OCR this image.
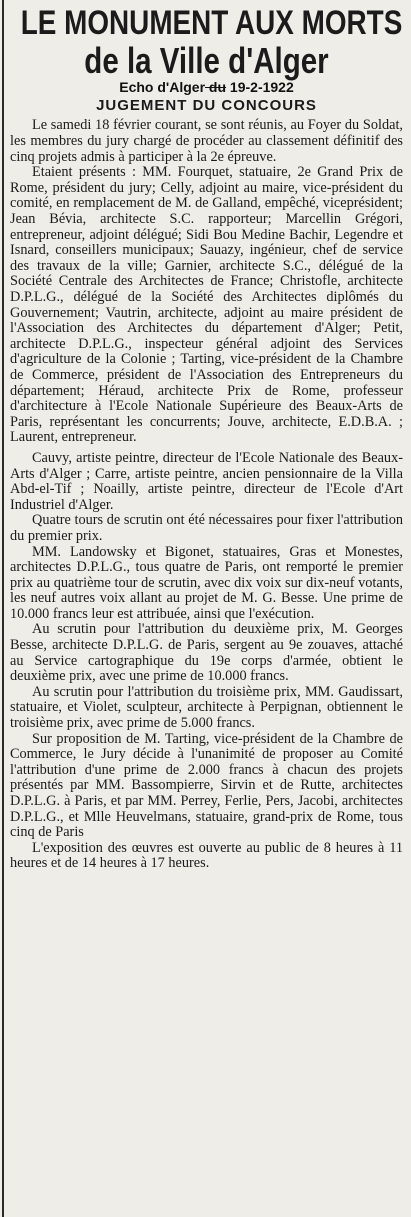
LE MONUMENT AUX MORTS
de la Ville d'Alger
Echo d'Alger du 19-2-1922
JUGEMENT DU CONCOURS

Le samedi 18 février courant, se sont réunis, au Foyer du Soldat, les membres du jury chargé de procéder au classement définitif des cinq projets admis à participer à la 2e épreuve.

Etaient présents : MM. Fourquet, statuaire, 2e Grand Prix de Rome, président du jury; Celly, adjoint au maire, vice-président du comité, en remplacement de M. de Galland, empêché, viceprésident; Jean Bévia, architecte S.C. rapporteur; Marcellin Grégori, entrepreneur, adjoint délégué; Sidi Bou Medine Bachir, Legendre et Isnard, conseillers municipaux; Sauazy, ingénieur, chef de service des travaux de la ville; Garnier, architecte S.C., délégué de la Société Centrale des Architectes de France; Christofle, architecte D.P.L.G., délégué de la Société des Architectes diplômés du Gouvernement; Vautrin, architecte, adjoint au maire président de l'Association des Architectes du département d'Alger; Petit, architecte D.P.L.G., inspecteur général adjoint des Services d'agriculture de la Colonie ; Tarting, vice-président de la Chambre de Commerce, président de l'Association des Entrepreneurs du département; Héraud, architecte Prix de Rome, professeur d'architecture à l'Ecole Nationale Supérieure des Beaux-Arts de Paris, représentant les concurrents; Jouve, architecte, E.D.B.A. ; Laurent, entrepreneur.

Cauvy, artiste peintre, directeur de l'Ecole Nationale des Beaux-Arts d'Alger ; Carre, artiste peintre, ancien pensionnaire de la Villa Abd-el-Tif ; Noailly, artiste peintre, directeur de l'Ecole d'Art Industriel d'Alger.

Quatre tours de scrutin ont été nécessaires pour fixer l'attribution du premier prix.

MM. Landowsky et Bigonet, statuaires, Gras et Monestes, architectes D.P.L.G., tous quatre de Paris, ont remporté le premier prix au quatrième tour de scrutin, avec dix voix sur dix-neuf votants, les neuf autres voix allant au projet de M. G. Besse. Une prime de 10.000 francs leur est attribuée, ainsi que l'exécution.

Au scrutin pour l'attribution du deuxième prix, M. Georges Besse, architecte D.P.L.G. de Paris, sergent au 9e zouaves, attaché au Service cartographique du 19e corps d'armée, obtient le deuxième prix, avec une prime de 10.000 francs.

Au scrutin pour l'attribution du troisième prix, MM. Gaudissart, statuaire, et Violet, sculpteur, architecte à Perpignan, obtiennent le troisième prix, avec prime de 5.000 francs.

Sur proposition de M. Tarting, vice-président de la Chambre de Commerce, le Jury décide à l'unanimité de proposer au Comité l'attribution d'une prime de 2.000 francs à chacun des projets présentés par MM. Bassompierre, Sirvin et de Rutte, architectes D.P.L.G. à Paris, et par MM. Perrey, Ferlie, Pers, Jacobi, architectes D.P.L.G., et Mlle Heuvelmans, statuaire, grand-prix de Rome, tous cinq de Paris

L'exposition des œuvres est ouverte au public de 8 heures à 11 heures et de 14 heures à 17 heures.
